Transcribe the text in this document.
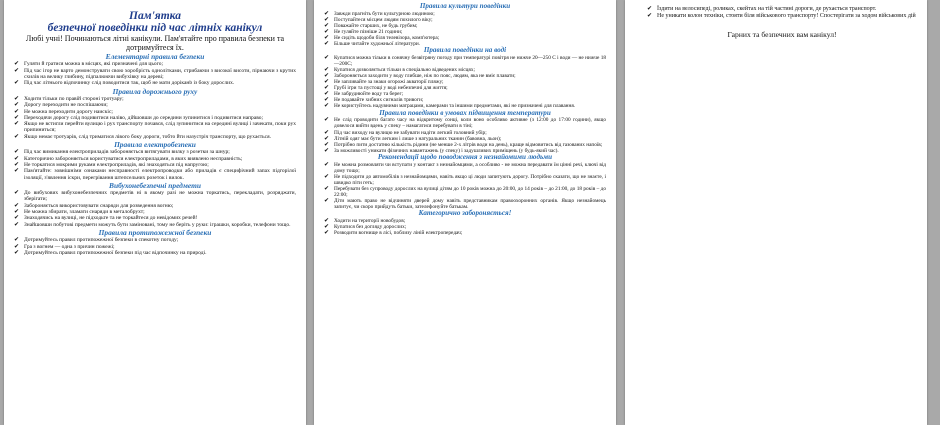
Пам'ятка

безпечної поведінки під час літніх канікул

Любі учні! Починаються літні канікули. Пам'ятайте про правила безпеки та дотримуйтеся їх.

Елементарні правила безпеки
✔ Гуляти й гратися можна в місцях, які призначені для цього;
✔ Під час ігор не варто демонструвати свою хоробрість однолітками, стрибаючи з високої висоти, пірнаючи з крутих схилів на велику глибину, підпалюючи вибухівку на дереві;
✔ Під час літнього відпочинку слід поводитися так, щоб не мати доріканb із боку дорослих.
Правила дорожнього руху
✔ Ходити тільки по правій стороні тротуару;
✔ Дорогу переходити не поспішаючи;
✔ Не можна переходити дорогу наискіс;
✔ Переходячи дорогу слід подивитися наліво, дійшовши до середини зупинитися і подивитися направо;
✔ Якщо не встигли перейти вулицю і рух транспорту почався, слід зупинитися на середині вулиці і зачекати, поки рух припиниться;
✔ Якщо немає тротуарів, слід триматися лівого боку дороги, тобто йти назустріч транспорту, що рухається.
Правила електробезпеки
✔ Під час вимикання електроприладів забороняється витягувати вилку з розетки за шнур;
✔ Категорично забороняється користуватися електроприладами, в яких виявлено несправність;
✔ Не торкатися мокрими руками електроприладів, які знаходяться під напругою;
✔ Пам'ятайте: зовнішніми ознаками несправності електропроводки або приладів є специфічний запах підгорілої ізоляції, з'явлення іскри, перегрівання штепсельних розеток і вилок.
Вибухонебезпечні предмети
✔ До вибухових вибухонебезпечних предметів ні в якому разі не можна торкатись, перекладати, розряджати, зберігати;
✔ Забороняється використовувати снаряди для розведення вогню;
✔ Не можна збирати, зламати снаряди в металобрухт;
✔ Знаходячись на вулиці, не підходьте та не торкайтеся до невідомих речей!
✔ Знайшовши побутові предмети можуть бути замінованi, тому не беріть у руки: іграшки, коробки, телефони тощо.
Правила протипожежної безпеки
✔ Дотримуйтесь правил протипожежної безпеки в спекотну погоду;
✔ Гра з вогнем — одна з причин пожежі;
✔ Дотримуйтесь правил протипожежної безпеки під час відпочинку на природі.
Правила культури поведінки
✔ Завжди прагніть бути культурною людиною;
✔ Поступайтеся місцем людям похилого віку;
✔ Поважайте старших, не будь грубим;
✔ Не гуляйте пізніше 21 години;
✔ Не сидіть щодоби біля телевізора, комп'ютера;
✔ Більше читайте художньої літератури.
Правила поведінки на воді
✔ Купатися можна тільки в сонячну безвітряну погоду при температурі повітря не нижче 20—250 С і води — не нижче 18—200С;
✔ Купатися дозволяється тільки в спеціально відведених місцях;
✔ Забороняється заходити у воду глибше, ніж по пояс, людям, яка не вміє плавати;
✔ Не запливайте за знаки огорожі акваторії пляжу;
✔ Грубі ігри та пустощі у воді небезпечні для життя;
✔ Не забруднюйте воду та берег;
✔ Не подавайте хибних сигналів тривоги;
✔ Не користуйтесь надувними матрацами, камерами та іншими предметами, які не призначені для плавання.
Правила поведінки в умовах підвищення температури
✔ Не слід проводити багато часу на відкритому сонці, коли воно особливо активне (з 12:00 до 17:00 години), якщо довелося вийти вдень у спеку – намагатися перебувати в тіні;
✔ Під час виходу на вулицю не забувати надіти легкий головний убір;
✔ Літній одяг має бути легким і лише з натуральних тканин (бавовна, льон);
✔ Потрібно пити достатню кількість рідини (не менше 2-х літрів води на день), краще відмовитись від газованих напоїв;
✔ За можливості уникати фізичних навантажень (у спеку) і задушливих приміщень (у будь-який час).
Рекомендації щодо поводження з незнайомими людьми
✔ Не можна розмовляти чи вступати у контакт з незнайомцями, а особливо - не можна передавати їм цінні речі, ключі від дому тощо;
✔ Не підходити до автомобілів з незнайомцями, навіть якщо ці люди запитують дорогу. Потрібно сказати, що не знаєте, і швидко піти геть;
✔ Перебувати без супроводу дорослих на вулиці дітям до 10 років можна до 20:00, до 14 років – до 21:00, до 18 років – до 22:00;
✔ Діти мають право не відчиняти дверей дому навіть представникам правоохоронних органів. Якщо незнайомець запитує, чи скоро прийдуть батьки, зателефонуйте батькам.
Категорично забороняється!
✔ Ходити на території новобудов;
✔ Купатися без догляду дорослих;
✔ Розводити вогнище в лісі, поблизу ліній електропередач;
✔ Їздити на велосипеді, роликах, скейтах на тій частині дороги, де рухається транспорт.
✔ Не уникати колон техніки, стояти біля військового транспорту! Спостерігати за ходом військових дій

Гарних та безпечних вам канікул!
